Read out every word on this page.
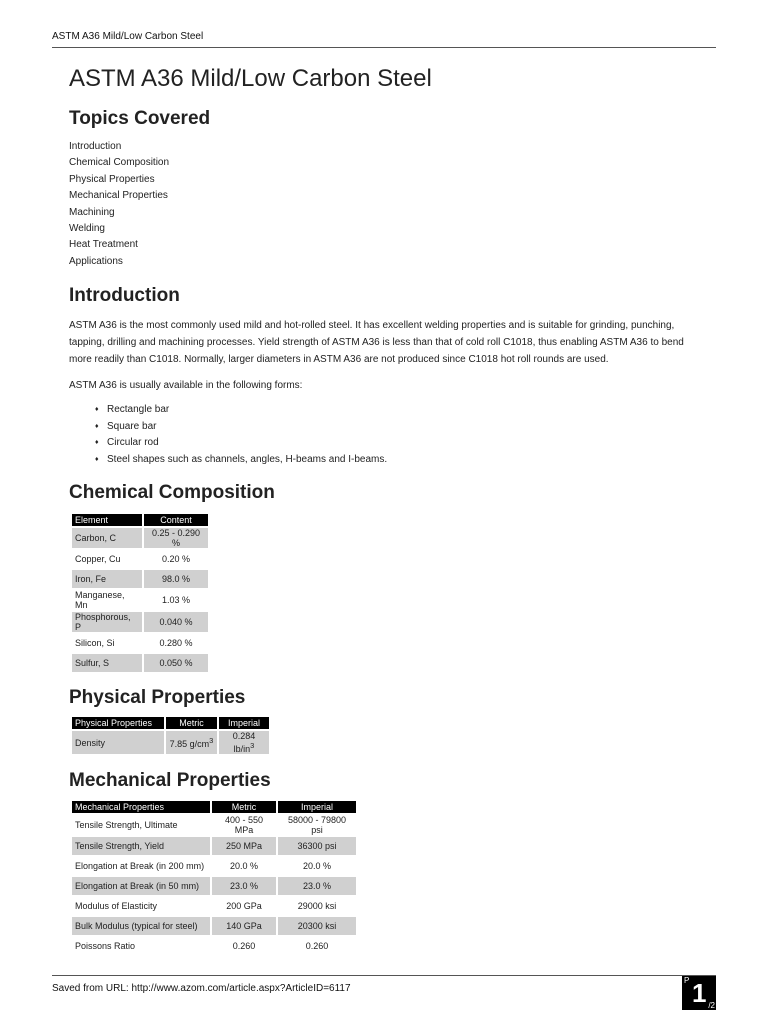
ASTM A36 Mild/Low Carbon Steel
ASTM A36 Mild/Low Carbon Steel
Topics Covered
Introduction
Chemical Composition
Physical Properties
Mechanical Properties
Machining
Welding
Heat Treatment
Applications
Introduction

ASTM A36 is the most commonly used mild and hot-rolled steel. It has excellent welding properties and is suitable for grinding, punching, tapping, drilling and machining processes. Yield strength of ASTM A36 is less than that of cold roll C1018, thus enabling ASTM A36 to bend more readily than C1018. Normally, larger diameters in ASTM A36 are not produced since C1018 hot roll rounds are used.

ASTM A36 is usually available in the following forms:

♦ Rectangle bar
♦ Square bar
♦ Circular rod
♦ Steel shapes such as channels, angles, H-beams and I-beams.
Chemical Composition
Element	Content
Carbon, C	0.25 - 0.290 %
Copper, Cu	0.20 %
Iron, Fe	98.0 %
Manganese, Mn	1.03 %
Phosphorous, P	0.040 %
Silicon, Si	0.280 %
Sulfur, S	0.050 %
Physical Properties
Physical Properties	Metric	Imperial
Density	7.85 $g/cm^3$	0.284 $lb/in^3$
Mechanical Properties
Mechanical Properties	Metric	Imperial
Tensile Strength, Ultimate	400 - 550 MPa	58000 - 79800 psi
Tensile Strength, Yield	250 MPa	36300 psi
Elongation at Break (in 200 mm)	20.0 %	20.0 %
Elongation at Break (in 50 mm)	23.0 %	23.0 %
Modulus of Elasticity	200 GPa	29000 ksi
Bulk Modulus (typical for steel)	140 GPa	20300 ksi
Poissons Ratio	0.260	0.260
Saved from URL: http://www.azom.com/article.aspx?ArticleID=6117
P 1 /2
